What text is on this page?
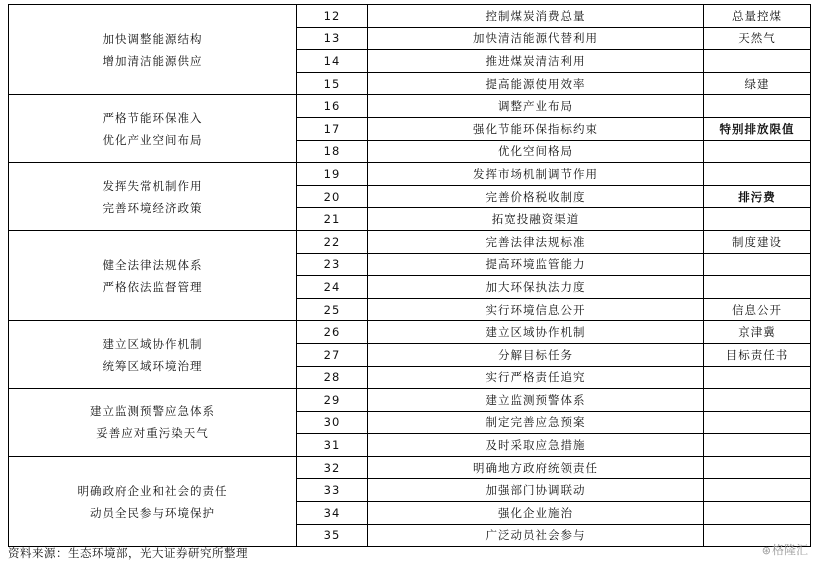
加快调整能源结构
增加清洁能源供应	12	控制煤炭消费总量	总量控煤
	13	加快清洁能源代替利用	天然气
	14	推进煤炭清洁利用	
	15	提高能源使用效率	绿建

严格节能环保准入
优化产业空间布局	16	调整产业布局	
	17	强化节能环保指标约束	特别排放限值
	18	优化空间格局	

发挥失常机制作用
完善环境经济政策	19	发挥市场机制调节作用	
	20	完善价格税收制度	排污费
	21	拓宽投融资渠道	

健全法律法规体系
严格依法监督管理	22	完善法律法规标准	制度建设
	23	提高环境监管能力	
	24	加大环保执法力度	
	25	实行环境信息公开	信息公开

建立区域协作机制
统筹区域环境治理	26	建立区域协作机制	京津冀
	27	分解目标任务	目标责任书
	28	实行严格责任追究	

建立监测预警应急体系
妥善应对重污染天气	29	建立监测预警体系	
	30	制定完善应急预案	
	31	及时采取应急措施	

明确政府企业和社会的责任
动员全民参与环境保护	32	明确地方政府统领责任	
	33	加强部门协调联动	
	34	强化企业施治	
	35	广泛动员社会参与	
资料来源：生态环境部，光大证券研究所整理	⊛格隆汇
